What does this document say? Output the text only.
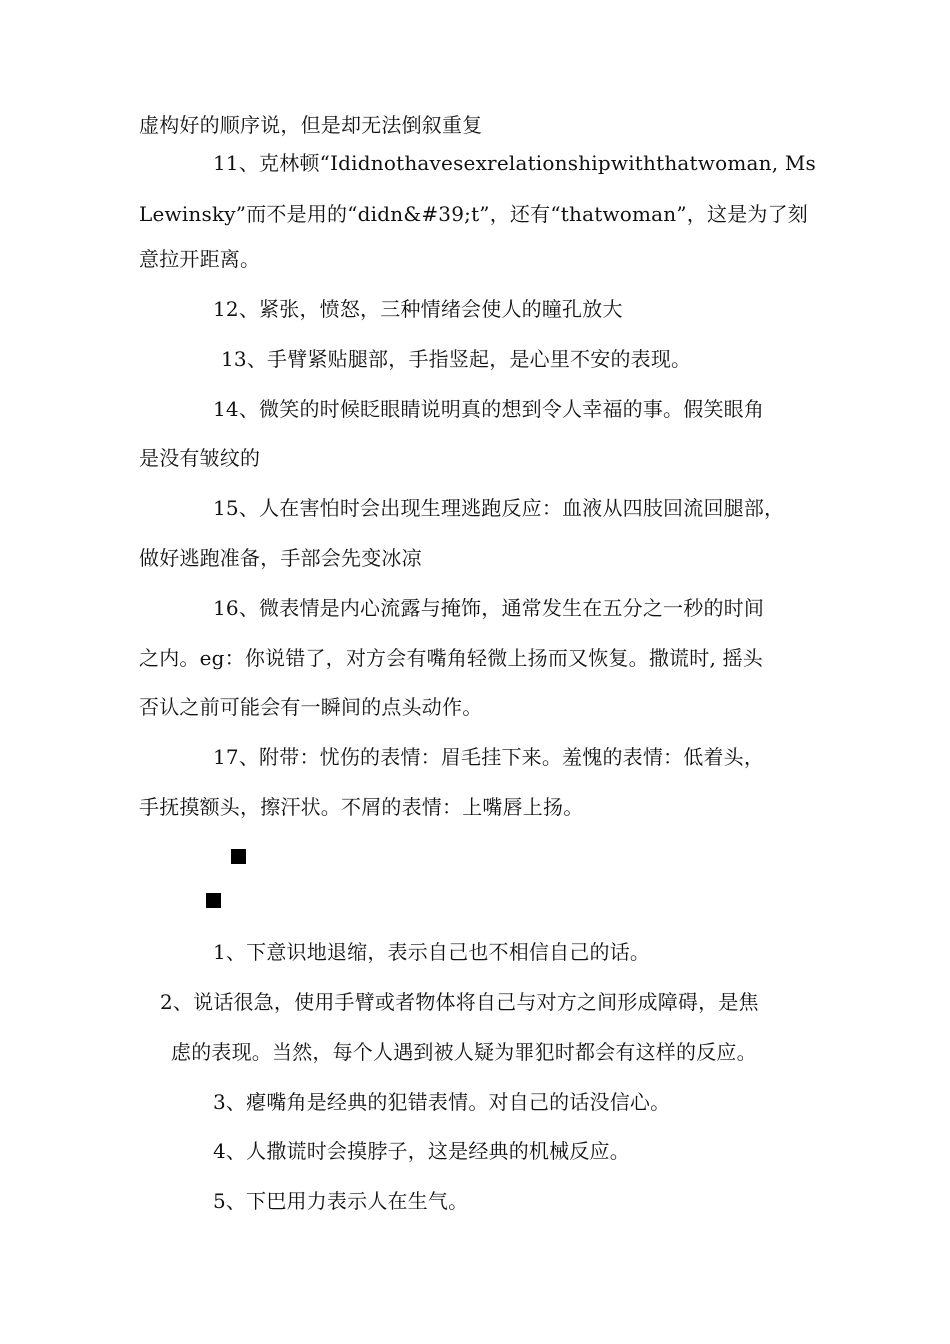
虚构好的顺序说，但是却无法倒叙重复
11、克林顿“Ididnothavesexrelationshipwiththatwoman, Ms
Lewinsky”而不是用的“didn&#39;t”，还有“thatwoman”，这是为了刻
意拉开距离。
12、紧张，愤怒，三种情绪会使人的瞳孔放大
13、手臂紧贴腿部，手指竖起，是心里不安的表现。
14、微笑的时候眨眼睛说明真的想到令人幸福的事。假笑眼角
是没有皱纹的
15、人在害怕时会出现生理逃跑反应：血液从四肢回流回腿部，
做好逃跑准备，手部会先变冰凉
16、微表情是内心流露与掩饰，通常发生在五分之一秒的时间
之内。eg：你说错了，对方会有嘴角轻微上扬而又恢复。撒谎时, 摇头
否认之前可能会有一瞬间的点头动作。
17、附带：忧伤的表情：眉毛挂下来。羞愧的表情：低着头，
手抚摸额头，擦汗状。不屑的表情：上嘴唇上扬。
1、下意识地退缩，表示自己也不相信自己的话。
2、说话很急，使用手臂或者物体将自己与对方之间形成障碍，是焦
虑的表现。当然，每个人遇到被人疑为罪犯时都会有这样的反应。
3、瘪嘴角是经典的犯错表情。对自己的话没信心。
4、人撒谎时会摸脖子，这是经典的机械反应。
5、下巴用力表示人在生气。
